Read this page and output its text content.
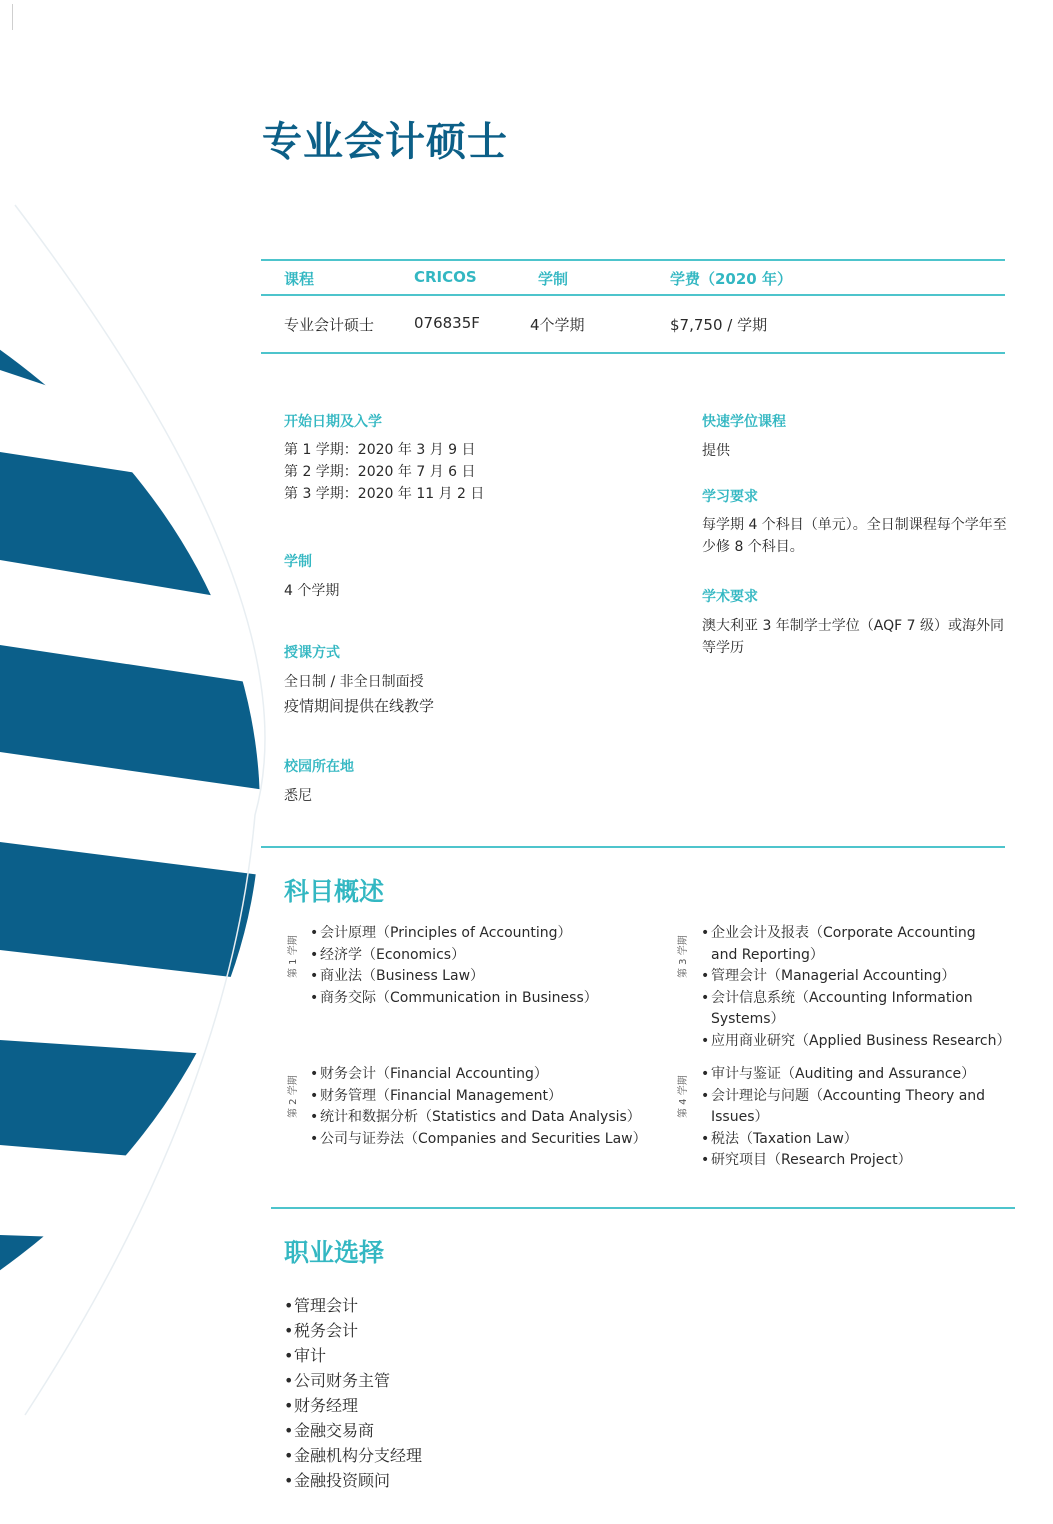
专业会计硕士
课程	CRICOS	学制	学费（2020 年）
专业会计硕士	076835F	4个学期	$7,750 / 学期
开始日期及入学
第 1 学期：2020 年 3 月 9 日
第 2 学期：2020 年 7 月 6 日
第 3 学期：2020 年 11 月 2 日
学制
4 个学期
授课方式
全日制 / 非全日制面授
疫情期间提供在线教学
校园所在地
悉尼
快速学位课程
提供
学习要求
每学期 4 个科目（单元）。全日制课程每个学年至少修 8 个科目。
学术要求
澳大利亚 3 年制学士学位（AQF 7 级）或海外同等学历
科目概述
第 1 学期
• 会计原理（Principles of Accounting）
• 经济学（Economics）
• 商业法（Business Law）
• 商务交际（Communication in Business）
第 3 学期
• 企业会计及报表（Corporate Accounting and Reporting）
• 管理会计（Managerial Accounting）
• 会计信息系统（Accounting Information Systems）
• 应用商业研究（Applied Business Research）
第 2 学期
• 财务会计（Financial Accounting）
• 财务管理（Financial Management）
• 统计和数据分析（Statistics and Data Analysis）
• 公司与证券法（Companies and Securities Law）
第 4 学期
• 审计与鉴证（Auditing and Assurance）
• 会计理论与问题（Accounting Theory and Issues）
• 税法（Taxation Law）
• 研究项目（Research Project）
职业选择
• 管理会计
• 税务会计
• 审计
• 公司财务主管
• 财务经理
• 金融交易商
• 金融机构分支经理
• 金融投资顾问
